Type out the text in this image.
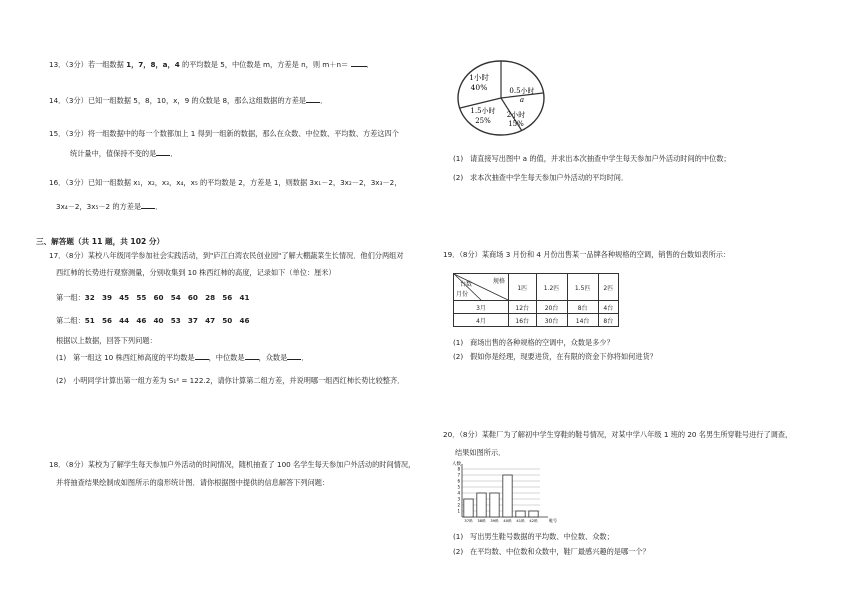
13．（3分）若一组数据 1，7，8，a，4 的平均数是 5，中位数是 m，方差是 n，则 m＋n＝	．
14．（3分）已知一组数据 5，8，10，x，9 的众数是 8，那么这组数据的方差是 ．
15．（3分）将一组数据中的每一个数都加上 1 得到一组新的数据，那么在众数、中位数、平均数、方差这四个
统计量中，值保持不变的是 ．
16．（3分）已知一组数据 x₁，x₂，x₃，x₄，x₅ 的平均数是 2，方差是 1，则数据 3x₁－2，3x₂－2，3x₃－2，
3x₄－2，3x₅－2 的方差是 ．
三、解答题（共 11 题，共 102 分）
17．（8分）某校八年级同学参加社会实践活动，到"庐江白湾农民创业园"了解大棚蔬菜生长情况．他们分两组对
西红柿的长势进行观察测量，分别收集到 10 株西红柿的高度，记录如下（单位：厘米）
第一组：32　39　45　55　60　54　60　28　56　41
第二组：51　56　44　46　40　53　37　47　50　46
根据以上数据，回答下列问题：
(1) 第一组这 10 株西红柿高度的平均数是 ，中位数是 ，众数是 ．
(2) 小明同学计算出第一组方差为 S₁² = 122.2，请你计算第二组方差，并说明哪一组西红柿长势比较整齐．
18．（8分）某校为了解学生每天参加户外活动的时间情况，随机抽查了 100 名学生每天参加户外活动的时间情况，
并将抽查结果绘制成如图所示的扇形统计图．请你根据图中提供的信息解答下列问题：
1小时
40%	0.5小时
a
2小时
15%
1.5小时
25%
(1) 请直接写出图中 a 的值，并求出本次抽查中学生每天参加户外活动时间的中位数；
(2) 求本次抽查中学生每天参加户外活动的平均时间．
19．（8分）某商场 3 月份和 4 月份出售某一品牌各种规格的空调，销售的台数如表所示：
规格
台数
月份	1匹	1.2匹	1.5匹	2匹
3月	12台	20台	8台	4台
4月	16台	30台	14台	8台
(1) 商场出售的各种规格的空调中，众数是多少？
(2) 假如你是经理，现要进货，在有限的资金下你将如何进货？
20．（8分）某鞋厂为了解初中学生穿鞋的鞋号情况，对某中学八年级 1 班的 20 名男生所穿鞋号进行了调查，
结果如图所示．
1
2
3
4
5
6
7
8
人数
鞋号
37码 38码 39码 40码 41码 42码
(1) 写出男生鞋号数据的平均数、中位数、众数；
(2) 在平均数、中位数和众数中，鞋厂最感兴趣的是哪一个？
